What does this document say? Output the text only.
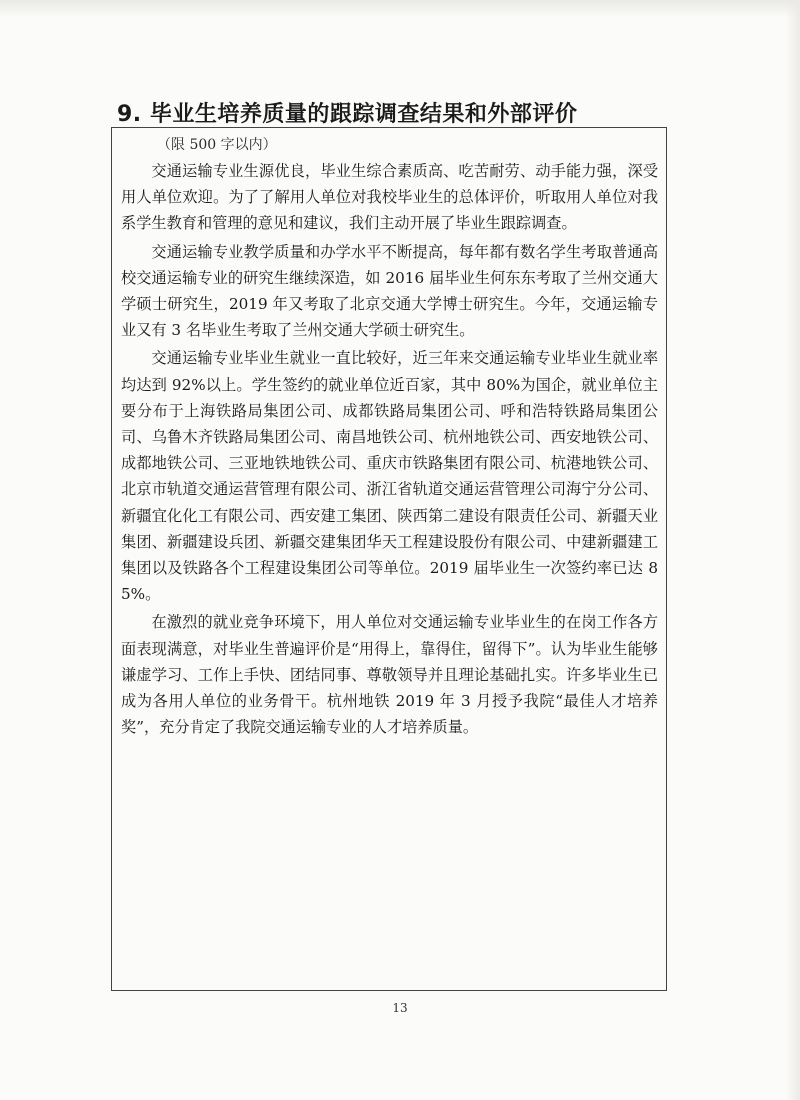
9. 毕业生培养质量的跟踪调查结果和外部评价
（限 500 字以内）

交通运输专业生源优良，毕业生综合素质高、吃苦耐劳、动手能力强，深受用人单位欢迎。为了了解用人单位对我校毕业生的总体评价，听取用人单位对我系学生教育和管理的意见和建议，我们主动开展了毕业生跟踪调查。

交通运输专业教学质量和办学水平不断提高，每年都有数名学生考取普通高校交通运输专业的研究生继续深造，如 2016 届毕业生何东东考取了兰州交通大学硕士研究生，2019 年又考取了北京交通大学博士研究生。今年，交通运输专业又有 3 名毕业生考取了兰州交通大学硕士研究生。

交通运输专业毕业生就业一直比较好，近三年来交通运输专业毕业生就业率均达到 92%以上。学生签约的就业单位近百家，其中 80%为国企，就业单位主要分布于上海铁路局集团公司、成都铁路局集团公司、呼和浩特铁路局集团公司、乌鲁木齐铁路局集团公司、南昌地铁公司、杭州地铁公司、西安地铁公司、成都地铁公司、三亚地铁地铁公司、重庆市铁路集团有限公司、杭港地铁公司、北京市轨道交通运营管理有限公司、浙江省轨道交通运营管理公司海宁分公司、新疆宜化化工有限公司、西安建工集团、陕西第二建设有限责任公司、新疆天业集团、新疆建设兵团、新疆交建集团华天工程建设股份有限公司、中建新疆建工集团以及铁路各个工程建设集团公司等单位。2019 届毕业生一次签约率已达 85%。

在激烈的就业竞争环境下，用人单位对交通运输专业毕业生的在岗工作各方面表现满意，对毕业生普遍评价是“用得上，靠得住，留得下”。认为毕业生能够谦虚学习、工作上手快、团结同事、尊敬领导并且理论基础扎实。许多毕业生已成为各用人单位的业务骨干。杭州地铁 2019 年 3 月授予我院“最佳人才培养奖”，充分肯定了我院交通运输专业的人才培养质量。

13
